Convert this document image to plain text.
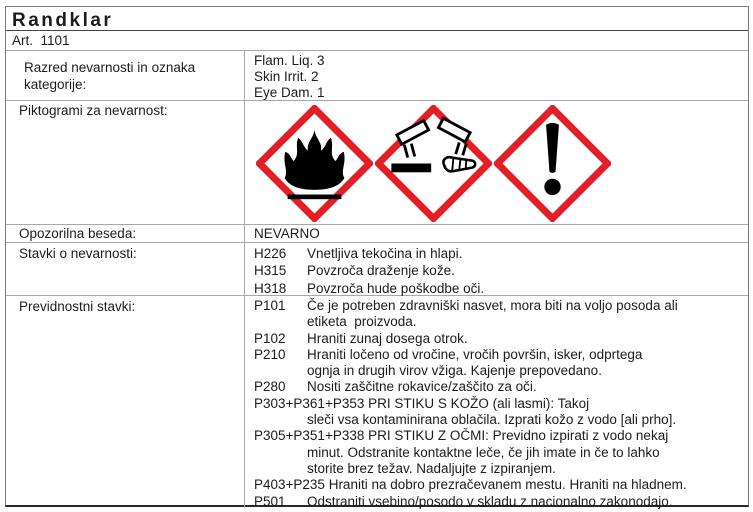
Randklar
Art.  1101
Razred nevarnosti in oznaka kategorije:
Flam. Liq. 3
Skin Irrit. 2
Eye Dam. 1
Piktogrami za nevarnost:
Opozorilna beseda:	NEVARNO
Stavki o nevarnosti:	H226	Vnetljiva tekočina in hlapi.
H315	Povzroča draženje kože.
H318	Povzroča hude poškodbe oči.
Previdnostni stavki:	P101	Če je potreben zdravniški nasvet, mora biti na voljo posoda ali
etiketa  proizvoda.
P102	Hraniti zunaj dosega otrok.
P210	Hraniti ločeno od vročine, vročih površin, isker, odprtega
ognja in drugih virov vžiga. Kajenje prepovedano.
P280	Nositi zaščitne rokavice/zaščito za oči.
P303+P361+P353 PRI STIKU S KOŽO (ali lasmi): Takoj
sleči vsa kontaminirana oblačila. Izprati kožo z vodo [ali prho].
P305+P351+P338 PRI STIKU Z OČMI: Previdno izpirati z vodo nekaj
minut. Odstranite kontaktne leče, če jih imate in če to lahko
storite brez težav. Nadaljujte z izpiranjem.
P403+P235 Hraniti na dobro prezračevanem mestu. Hraniti na hladnem.
P501	Odstraniti vsebino/posodo v skladu z nacionalno zakonodajo.
